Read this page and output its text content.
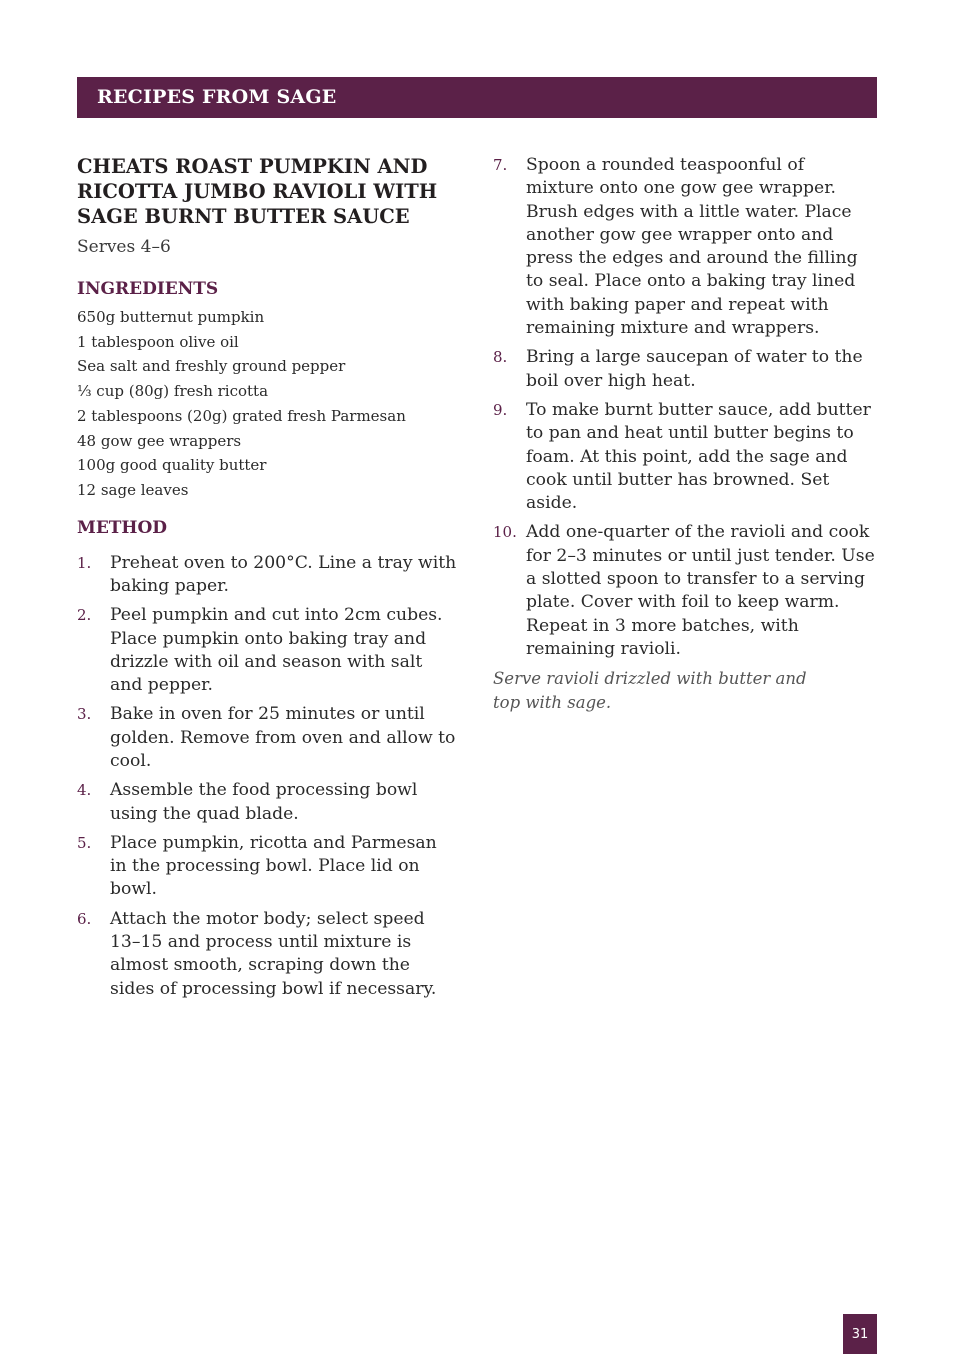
RECIPES FROM SAGE
CHEATS ROAST PUMPKIN AND
RICOTTA JUMBO RAVIOLI WITH
SAGE BURNT BUTTER SAUCE
Serves 4–6
INGREDIENTS
650g butternut pumpkin
1 tablespoon olive oil
Sea salt and freshly ground pepper
⅓ cup (80g) fresh ricotta
2 tablespoons (20g) grated fresh Parmesan
48 gow gee wrappers
100g good quality butter
12 sage leaves
METHOD
1.	Preheat oven to 200°C. Line a tray with baking paper.
2.	Peel pumpkin and cut into 2cm cubes. Place pumpkin onto baking tray and drizzle with oil and season with salt and pepper.
3.	Bake in oven for 25 minutes or until golden. Remove from oven and allow to cool.
4.	Assemble the food processing bowl using the quad blade.
5.	Place pumpkin, ricotta and Parmesan in the processing bowl. Place lid on bowl.
6.	Attach the motor body; select speed 13–15 and process until mixture is almost smooth, scraping down the sides of processing bowl if necessary.
7.	Spoon a rounded teaspoonful of mixture onto one gow gee wrapper. Brush edges with a little water. Place another gow gee wrapper onto and press the edges and around the filling to seal. Place onto a baking tray lined with baking paper and repeat with remaining mixture and wrappers.
8.	Bring a large saucepan of water to the boil over high heat.
9.	To make burnt butter sauce, add butter to pan and heat until butter begins to foam. At this point, add the sage and cook until butter has browned. Set aside.
10. Add one-quarter of the ravioli and cook for 2–3 minutes or until just tender. Use a slotted spoon to transfer to a serving plate. Cover with foil to keep warm. Repeat in 3 more batches, with remaining ravioli.
Serve ravioli drizzled with butter and top with sage.
31
